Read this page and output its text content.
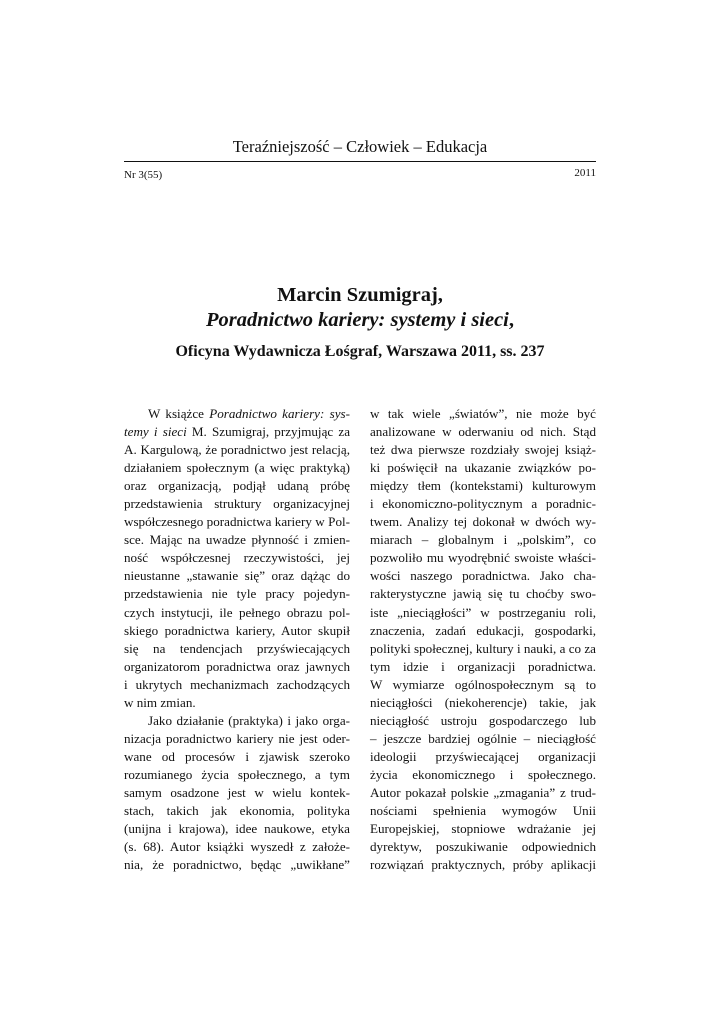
Teraźniejszość – Człowiek – Edukacja
Nr 3(55)	2011
Marcin Szumigraj,
Poradnictwo kariery: systemy i sieci,
Oficyna Wydawnicza Łośgraf, Warszawa 2011, ss. 237
W książce Poradnictwo kariery: sys-
temy i sieci M. Szumigraj, przyjmując za
A. Kargulową, że poradnictwo jest relacją,
działaniem społecznym (a więc praktyką)
oraz organizacją, podjął udaną próbę
przedstawienia struktury organizacyjnej
współczesnego poradnictwa kariery w Pol-
sce. Mając na uwadze płynność i zmien-
ność współczesnej rzeczywistości, jej
nieustanne „stawanie się” oraz dążąc do
przedstawienia nie tyle pracy pojedyn-
czych instytucji, ile pełnego obrazu pol-
skiego poradnictwa kariery, Autor skupił
się na tendencjach przyświecających
organizatorom poradnictwa oraz jawnych
i ukrytych mechanizmach zachodzących
w nim zmian.
Jako działanie (praktyka) i jako orga-
nizacja poradnictwo kariery nie jest oder-
wane od procesów i zjawisk szeroko
rozumianego życia społecznego, a tym
samym osadzone jest w wielu kontek-
stach, takich jak ekonomia, polityka
(unijna i krajowa), idee naukowe, etyka
(s. 68). Autor książki wyszedł z założe-
nia, że poradnictwo, będąc „uwikłane”
w tak wiele „światów”, nie może być
analizowane w oderwaniu od nich. Stąd
też dwa pierwsze rozdziały swojej książ-
ki poświęcił na ukazanie związków po-
między tłem (kontekstami) kulturowym
i ekonomiczno-politycznym a poradnic-
twem. Analizy tej dokonał w dwóch wy-
miarach – globalnym i „polskim”, co
pozwoliło mu wyodrębnić swoiste właści-
wości naszego poradnictwa. Jako cha-
rakterystyczne jawią się tu choćby swo-
iste „nieciągłości” w postrzeganiu roli,
znaczenia, zadań edukacji, gospodarki,
polityki społecznej, kultury i nauki, a co za
tym idzie i organizacji poradnictwa.
W wymiarze ogólnospołecznym są to
nieciągłości (niekoherencje) takie, jak
nieciągłość ustroju gospodarczego lub
– jeszcze bardziej ogólnie – nieciągłość
ideologii przyświecającej organizacji
życia ekonomicznego i społecznego.
Autor pokazał polskie „zmagania” z trud-
nościami spełnienia wymogów Unii
Europejskiej, stopniowe wdrażanie jej
dyrektyw, poszukiwanie odpowiednich
rozwiązań praktycznych, próby aplikacji
